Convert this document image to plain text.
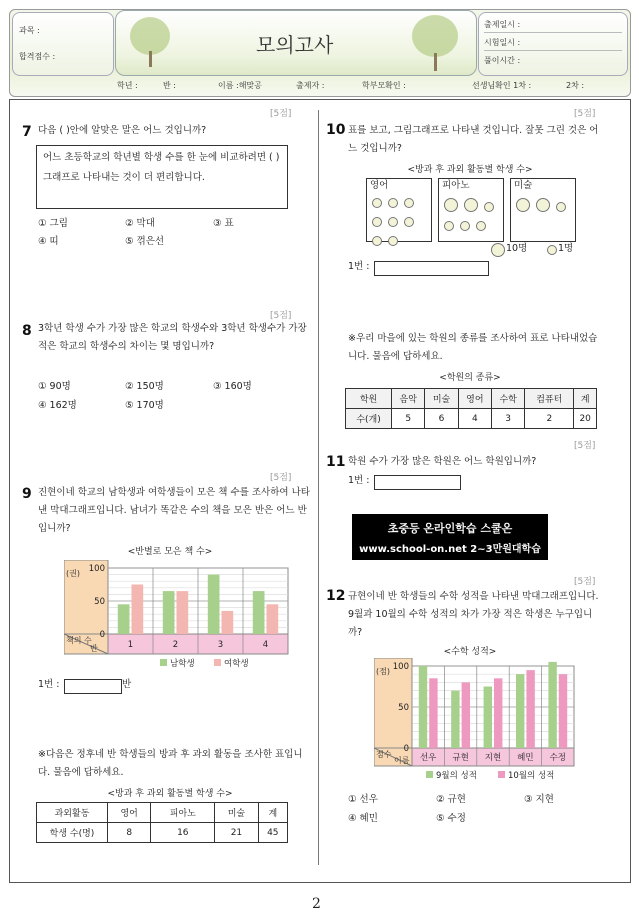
과목 :
합격점수 :	모의고사
출제일시 :
시험일시 :
풀이시간 :
학년 :	반 :	이름 :해맞공	출제자 :	학부모확인 :	선생님확인 1차 :	2차 :
[5점]
7 다음 ( )안에 알맞은 말은 어느 것입니까?
어느 초등학교의 학년별 학생 수를 한 눈에 비교하려면 ( )그래프로 나타내는 것이 더 편리합니다.
① 그림	② 막대	③ 표
④ 띠	⑤ 꺾은선
[5점]
8 3학년 학생 수가 가장 많은 학교의 학생수와 3학년 학생수가 가장 적은 학교의 학생수의 차이는 몇 명입니까?
① 90명	② 150명	③ 160명
④ 162명	⑤ 170명
[5점]
9 진현이네 학교의 남학생과 여학생들이 모은 책 수를 조사하여 나타낸 막대그래프입니다. 남녀가 똑같은 수의 책을 모은 반은 어느 반입니까?
<반별로 모은 책 수>
책의 수
반
(권) 100
50
0
1	2	3	4
남학생	여학생
1번 :	반
※다음은 정후네 반 학생들의 방과 후 과외 활동을 조사한 표입니다. 물음에 답하세요.
<방과 후 과외 활동별 학생 수>
과외활동	영어	피아노	미술	계
학생 수(명)	8	16	21	45
[5점]
10 표를 보고, 그림그래프로 나타낸 것입니다. 잘못 그린 것은 어느 것입니까?
<방과 후 과외 활동별 학생 수>
영어	피아노	미술
10명	1명
1번 :
※우리 마을에 있는 학원의 종류를 조사하여 표로 나타내었습니다. 물음에 답하세요.
<학원의 종류>
학원	음악	미술	영어	수학	컴퓨터	계
수(개)	5	6	4	3	2	20
[5점]
11 학원 수가 가장 많은 학원은 어느 학원입니까?
1번 :
초중등 온라인학습 스쿨온
www.school-on.net 2~3만원대학습
[5점]
12 규현이네 반 학생들의 수학 성적을 나타낸 막대그래프입니다. 9월과 10월의 수학 성적의 차가 가장 적은 학생은 누구입니까?
<수학 성적>
점수
이름
(점) 100
50
0
선우 규현 지현 혜민 수정
9월의 성적	10월의 성적
① 선우	② 규현	③ 지현
④ 혜민	⑤ 수정
2
